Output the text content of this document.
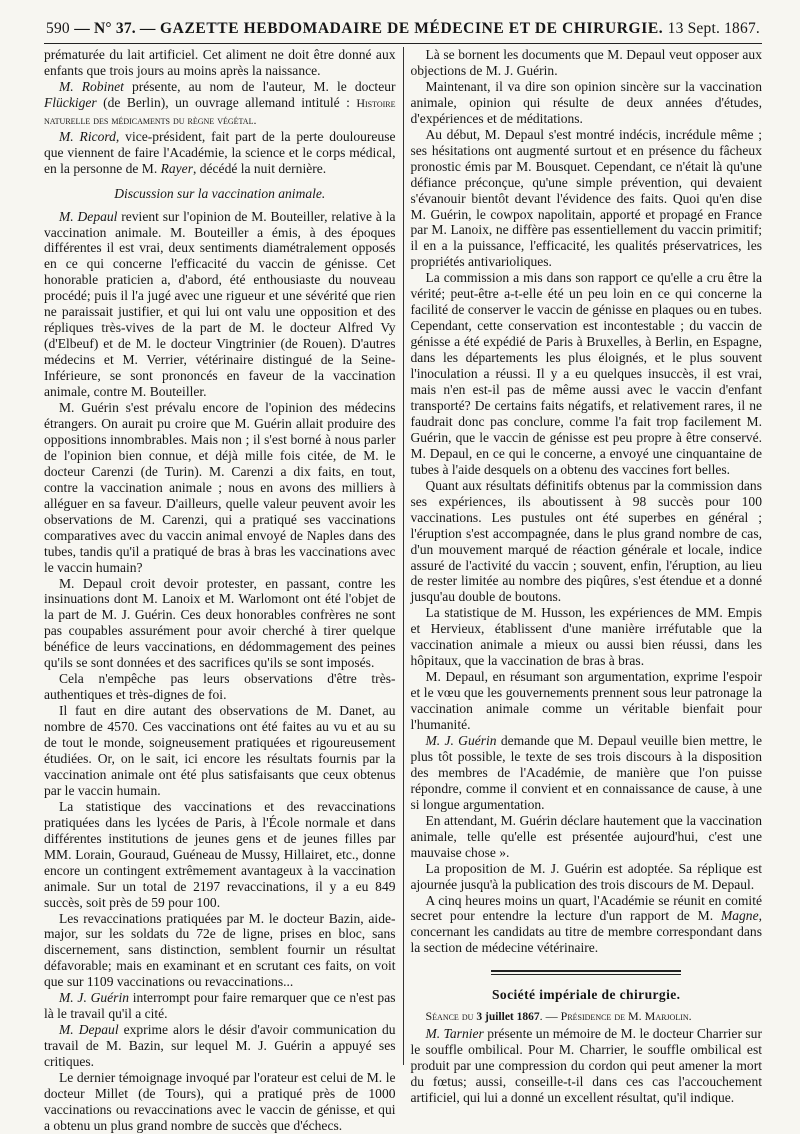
590 — N° 37. — GAZETTE HEBDOMADAIRE DE MÉDECINE ET DE CHIRURGIE. 13 Sept. 1867.

prématurée du lait artificiel. Cet aliment ne doit être donné aux enfants que trois jours au moins après la naissance.

M. Robinet présente, au nom de l'auteur, M. le docteur Flückiger (de Berlin), un ouvrage allemand intitulé : Histoire naturelle des médicaments du règne végétal.

M. Ricord, vice-président, fait part de la perte douloureuse que viennent de faire l'Académie, la science et le corps médical, en la personne de M. Rayer, décédé la nuit dernière.

Discussion sur la vaccination animale.

M. Depaul revient sur l'opinion de M. Bouteiller, relative à la vaccination animale. M. Bouteiller a émis, à des époques différentes il est vrai, deux sentiments diamétralement opposés en ce qui concerne l'efficacité du vaccin de génisse. Cet honorable praticien a, d'abord, été enthousiaste du nouveau procédé; puis il l'a jugé avec une rigueur et une sévérité que rien ne paraissait justifier, et qui lui ont valu une opposition et des répliques très-vives de la part de M. le docteur Alfred Vy (d'Elbeuf) et de M. le docteur Vingtrinier (de Rouen). D'autres médecins et M. Verrier, vétérinaire distingué de la Seine-Inférieure, se sont prononcés en faveur de la vaccination animale, contre M. Bouteiller.

M. Guérin s'est prévalu encore de l'opinion des médecins étrangers. On aurait pu croire que M. Guérin allait produire des oppositions innombrables. Mais non ; il s'est borné à nous parler de l'opinion bien connue, et déjà mille fois citée, de M. le docteur Carenzi (de Turin). M. Carenzi a dix faits, en tout, contre la vaccination animale ; nous en avons des milliers à alléguer en sa faveur. D'ailleurs, quelle valeur peuvent avoir les observations de M. Carenzi, qui a pratiqué ses vaccinations comparatives avec du vaccin animal envoyé de Naples dans des tubes, tandis qu'il a pratiqué de bras à bras les vaccinations avec le vaccin humain?

M. Depaul croit devoir protester, en passant, contre les insinuations dont M. Lanoix et M. Warlomont ont été l'objet de la part de M. J. Guérin. Ces deux honorables confrères ne sont pas coupables assurément pour avoir cherché à tirer quelque bénéfice de leurs vaccinations, en dédommagement des peines qu'ils se sont données et des sacrifices qu'ils se sont imposés.

Cela n'empêche pas leurs observations d'être très-authentiques et très-dignes de foi.

Il faut en dire autant des observations de M. Danet, au nombre de 4570. Ces vaccinations ont été faites au vu et au su de tout le monde, soigneusement pratiquées et rigoureusement étudiées. Or, on le sait, ici encore les résultats fournis par la vaccination animale ont été plus satisfaisants que ceux obtenus par le vaccin humain.

La statistique des vaccinations et des revaccinations pratiquées dans les lycées de Paris, à l'École normale et dans différentes institutions de jeunes gens et de jeunes filles par MM. Lorain, Gouraud, Guéneau de Mussy, Hillairet, etc., donne encore un contingent extrêmement avantageux à la vaccination animale. Sur un total de 2197 revaccinations, il y a eu 849 succès, soit près de 59 pour 100.

Les revaccinations pratiquées par M. le docteur Bazin, aide-major, sur les soldats du 72e de ligne, prises en bloc, sans discernement, sans distinction, semblent fournir un résultat défavorable; mais en examinant et en scrutant ces faits, on voit que sur 1109 vaccinations ou revaccinations...

M. J. Guérin interrompt pour faire remarquer que ce n'est pas là le travail qu'il a cité.

M. Depaul exprime alors le désir d'avoir communication du travail de M. Bazin, sur lequel M. J. Guérin a appuyé ses critiques.

Le dernier témoignage invoqué par l'orateur est celui de M. le docteur Millet (de Tours), qui a pratiqué près de 1000 vaccinations ou revaccinations avec le vaccin de génisse, et qui a obtenu un plus grand nombre de succès que d'échecs.

Là se bornent les documents que M. Depaul veut opposer aux objections de M. J. Guérin.

Maintenant, il va dire son opinion sincère sur la vaccination animale, opinion qui résulte de deux années d'études, d'expériences et de méditations.

Au début, M. Depaul s'est montré indécis, incrédule même ; ses hésitations ont augmenté surtout et en présence du fâcheux pronostic émis par M. Bousquet. Cependant, ce n'était là qu'une défiance préconçue, qu'une simple prévention, qui devaient s'évanouir bientôt devant l'évidence des faits. Quoi qu'en dise M. Guérin, le cowpox napolitain, apporté et propagé en France par M. Lanoix, ne diffère pas essentiellement du vaccin primitif; il en a la puissance, l'efficacité, les qualités préservatrices, les propriétés antivarioliques.

La commission a mis dans son rapport ce qu'elle a cru être la vérité; peut-être a-t-elle été un peu loin en ce qui concerne la facilité de conserver le vaccin de génisse en plaques ou en tubes. Cependant, cette conservation est incontestable ; du vaccin de génisse a été expédié de Paris à Bruxelles, à Berlin, en Espagne, dans les départements les plus éloignés, et le plus souvent l'inoculation a réussi. Il y a eu quelques insuccès, il est vrai, mais n'en est-il pas de même aussi avec le vaccin d'enfant transporté? De certains faits négatifs, et relativement rares, il ne faudrait donc pas conclure, comme l'a fait trop facilement M. Guérin, que le vaccin de génisse est peu propre à être conservé. M. Depaul, en ce qui le concerne, a envoyé une cinquantaine de tubes à l'aide desquels on a obtenu des vaccines fort belles.

Quant aux résultats définitifs obtenus par la commission dans ses expériences, ils aboutissent à 98 succès pour 100 vaccinations. Les pustules ont été superbes en général ; l'éruption s'est accompagnée, dans le plus grand nombre de cas, d'un mouvement marqué de réaction générale et locale, indice assuré de l'activité du vaccin ; souvent, enfin, l'éruption, au lieu de rester limitée au nombre des piqûres, s'est étendue et a donné jusqu'au double de boutons.

La statistique de M. Husson, les expériences de MM. Empis et Hervieux, établissent d'une manière irréfutable que la vaccination animale a mieux ou aussi bien réussi, dans les hôpitaux, que la vaccination de bras à bras.

M. Depaul, en résumant son argumentation, exprime l'espoir et le vœu que les gouvernements prennent sous leur patronage la vaccination animale comme un véritable bienfait pour l'humanité.

M. J. Guérin demande que M. Depaul veuille bien mettre, le plus tôt possible, le texte de ses trois discours à la disposition des membres de l'Académie, de manière que l'on puisse répondre, comme il convient et en connaissance de cause, à une si longue argumentation.

En attendant, M. Guérin déclare hautement que la vaccination animale, telle qu'elle est présentée aujourd'hui, c'est une mauvaise chose ».

La proposition de M. J. Guérin est adoptée. Sa réplique est ajournée jusqu'à la publication des trois discours de M. Depaul.

A cinq heures moins un quart, l'Académie se réunit en comité secret pour entendre la lecture d'un rapport de M. Magne, concernant les candidats au titre de membre correspondant dans la section de médecine vétérinaire.

Société impériale de chirurgie.

Séance du 3 juillet 1867. — Présidence de M. Marjolin.

M. Tarnier présente un mémoire de M. le docteur Charrier sur le souffle ombilical. Pour M. Charrier, le souffle ombilical est produit par une compression du cordon qui peut amener la mort du fœtus; aussi, conseille-t-il dans ces cas l'accouchement artificiel, qui lui a donné un excellent résultat, qu'il indique.
